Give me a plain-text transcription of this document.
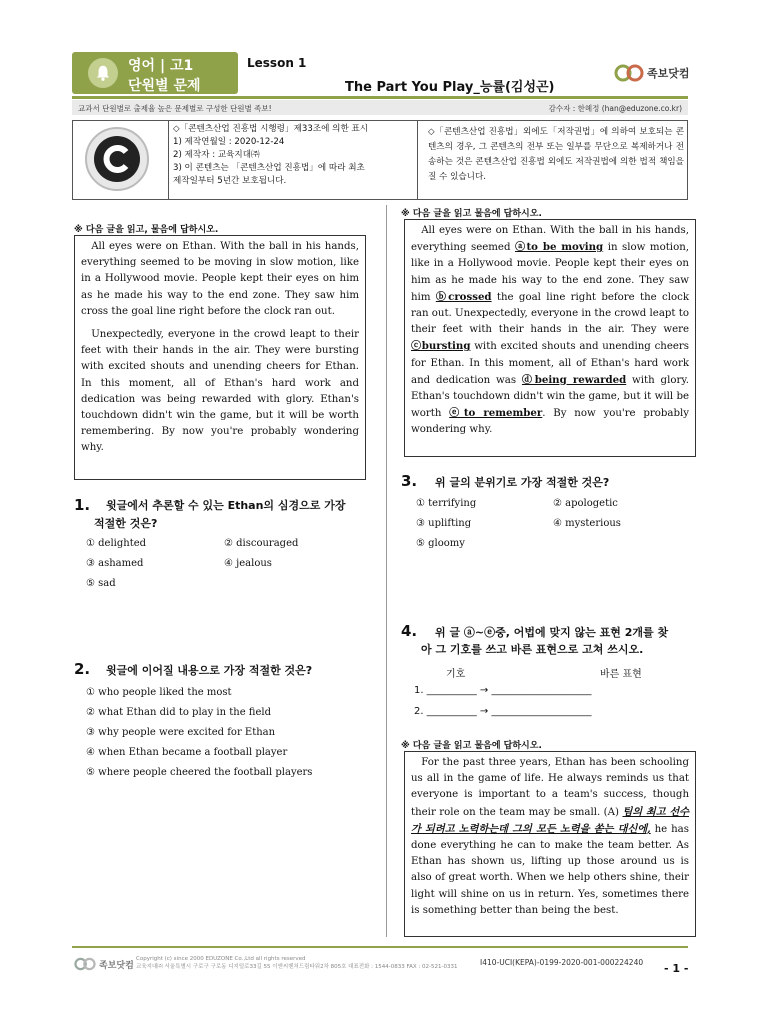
영어 | 고1
단원별 문제
Lesson 1
The Part You Play_능률(김성곤)
족보닷컴
교과서 단원별로 출제율 높은 문제별로 구성한 단원별 족보!	감수자 : 한혜정 (han@eduzone.co.kr)
◇「콘텐츠산업 진흥법 시행령」제33조에 의한 표시
1) 제작연월일 : 2020-12-24
2) 제작자 : 교육지대㈜
3) 이 콘텐츠는 「콘텐츠산업 진흥법」에 따라 최초
제작일부터 5년간 보호됩니다.
◇「콘텐츠산업 진흥법」외에도「저작권법」에 의하여 보호되는 콘텐츠의 경우, 그 콘텐츠의 전부 또는 일부를 무단으로 복제하거나 전송하는 것은 콘텐츠산업 진흥법 외에도 저작권법에 의한 법적 책임을 질 수 있습니다.
※ 다음 글을 읽고, 물음에 답하시오.

All eyes were on Ethan. With the ball in his hands, everything seemed to be moving in slow motion, like in a Hollywood movie. People kept their eyes on him as he made his way to the end zone. They saw him cross the goal line right before the clock ran out.

Unexpectedly, everyone in the crowd leapt to their feet with their hands in the air. They were bursting with excited shouts and unending cheers for Ethan. In this moment, all of Ethan's hard work and dedication was being rewarded with glory. Ethan's touchdown didn't win the game, but it will be worth remembering. By now you're probably wondering why.

1. 윗글에서 추론할 수 있는 Ethan의 심경으로 가장
적절한 것은?
① delighted	② discouraged
③ ashamed	④ jealous
⑤ sad
2. 윗글에 이어질 내용으로 가장 적절한 것은?
① who people liked the most
② what Ethan did to play in the field
③ why people were excited for Ethan
④ when Ethan became a football player
⑤ where people cheered the football players
※ 다음 글을 읽고 물음에 답하시오.

All eyes were on Ethan. With the ball in his hands, everything seemed ⓐto be moving in slow motion, like in a Hollywood movie. People kept their eyes on him as he made his way to the end zone. They saw him ⓑcrossed the goal line right before the clock ran out. Unexpectedly, everyone in the crowd leapt to their feet with their hands in the air. They were ⓒbursting with excited shouts and unending cheers for Ethan. In this moment, all of Ethan's hard work and dedication was ⓓbeing rewarded with glory. Ethan's touchdown didn't win the game, but it will be worth ⓔto remember. By now you're probably wondering why.

3. 위 글의 분위기로 가장 적절한 것은?
① terrifying	② apologetic
③ uplifting	④ mysterious
⑤ gloomy
4. 위 글 ⓐ~ⓔ중, 어법에 맞지 않는 표현 2개를 찾
아 그 기호를 쓰고 바른 표현으로 고쳐 쓰시오.
기호	바른 표현
1. __________ → ____________________
2. __________ → ____________________
※ 다음 글을 읽고 물음에 답하시오.

For the past three years, Ethan has been schooling us all in the game of life. He always reminds us that everyone is important to a team's success, though their role on the team may be small. (A) 팀의 최고 선수가 되려고 노력하는데 그의 모든 노력을 쏟는 대신에, he has done everything he can to make the team better. As Ethan has shown us, lifting up those around us is also of great worth. When we help others shine, their light will shine on us in return. Yes, sometimes there is something better than being the best.

족보닷컴
Copyright (c) since 2000 EDUZONE Co.,Ltd all rights reserved
교육지대㈜ 서울특별시 구로구 구로동 디지털로33길 55 이앤씨벤처드림타워2차 805호 대표전화 : 1544-0833 FAX : 02-521-0331	I410-UCI(KEPA)-0199-2020-001-000224240 - 1 -
